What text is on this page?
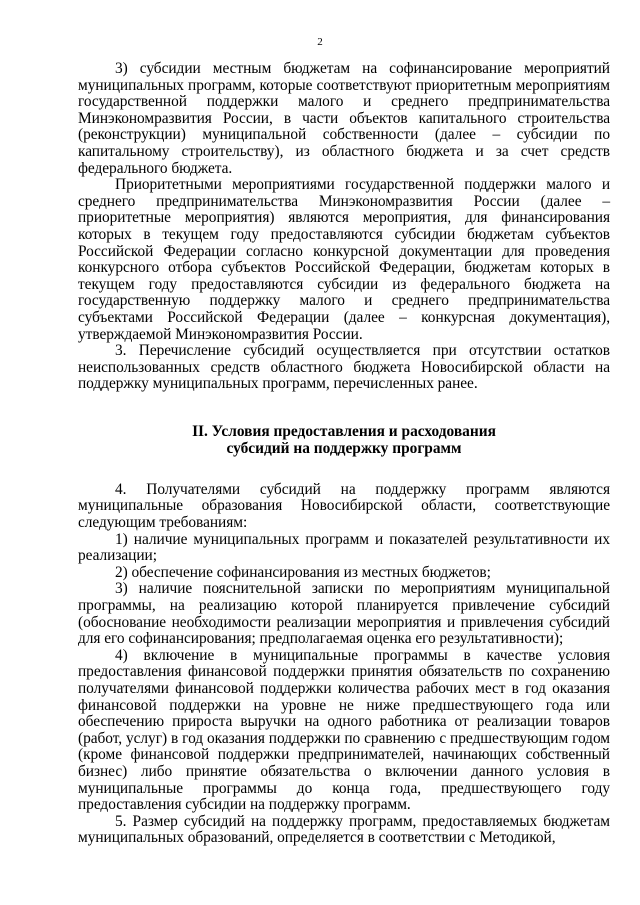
2

3) субсидии местным бюджетам на софинансирование мероприятий муниципальных программ, которые соответствуют приоритетным мероприятиям государственной поддержки малого и среднего предпринимательства Минэкономразвития России, в части объектов капитального строительства (реконструкции) муниципальной собственности (далее – субсидии по капитальному строительству), из областного бюджета и за счет средств федерального бюджета.

Приоритетными мероприятиями государственной поддержки малого и среднего предпринимательства Минэкономразвития России (далее – приоритетные мероприятия) являются мероприятия, для финансирования которых в текущем году предоставляются субсидии бюджетам субъектов Российской Федерации согласно конкурсной документации для проведения конкурсного отбора субъектов Российской Федерации, бюджетам которых в текущем году предоставляются субсидии из федерального бюджета на государственную поддержку малого и среднего предпринимательства субъектами Российской Федерации (далее – конкурсная документация), утверждаемой Минэкономразвития России.

3. Перечисление субсидий осуществляется при отсутствии остатков неиспользованных средств областного бюджета Новосибирской области на поддержку муниципальных программ, перечисленных ранее.

II. Условия предоставления и расходования
субсидий на поддержку программ

4. Получателями субсидий на поддержку программ являются муниципальные образования Новосибирской области, соответствующие следующим требованиям:

1) наличие муниципальных программ и показателей результативности их реализации;

2) обеспечение софинансирования из местных бюджетов;

3) наличие пояснительной записки по мероприятиям муниципальной программы, на реализацию которой планируется привлечение субсидий (обоснование необходимости реализации мероприятия и привлечения субсидий для его софинансирования; предполагаемая оценка его результативности);

4) включение в муниципальные программы в качестве условия предоставления финансовой поддержки принятия обязательств по сохранению получателями финансовой поддержки количества рабочих мест в год оказания финансовой поддержки на уровне не ниже предшествующего года или обеспечению прироста выручки на одного работника от реализации товаров (работ, услуг) в год оказания поддержки по сравнению с предшествующим годом (кроме финансовой поддержки предпринимателей, начинающих собственный бизнес) либо принятие обязательства о включении данного условия в муниципальные программы до конца года, предшествующего году предоставления субсидии на поддержку программ.

5. Размер субсидий на поддержку программ, предоставляемых бюджетам муниципальных образований, определяется в соответствии с Методикой,
